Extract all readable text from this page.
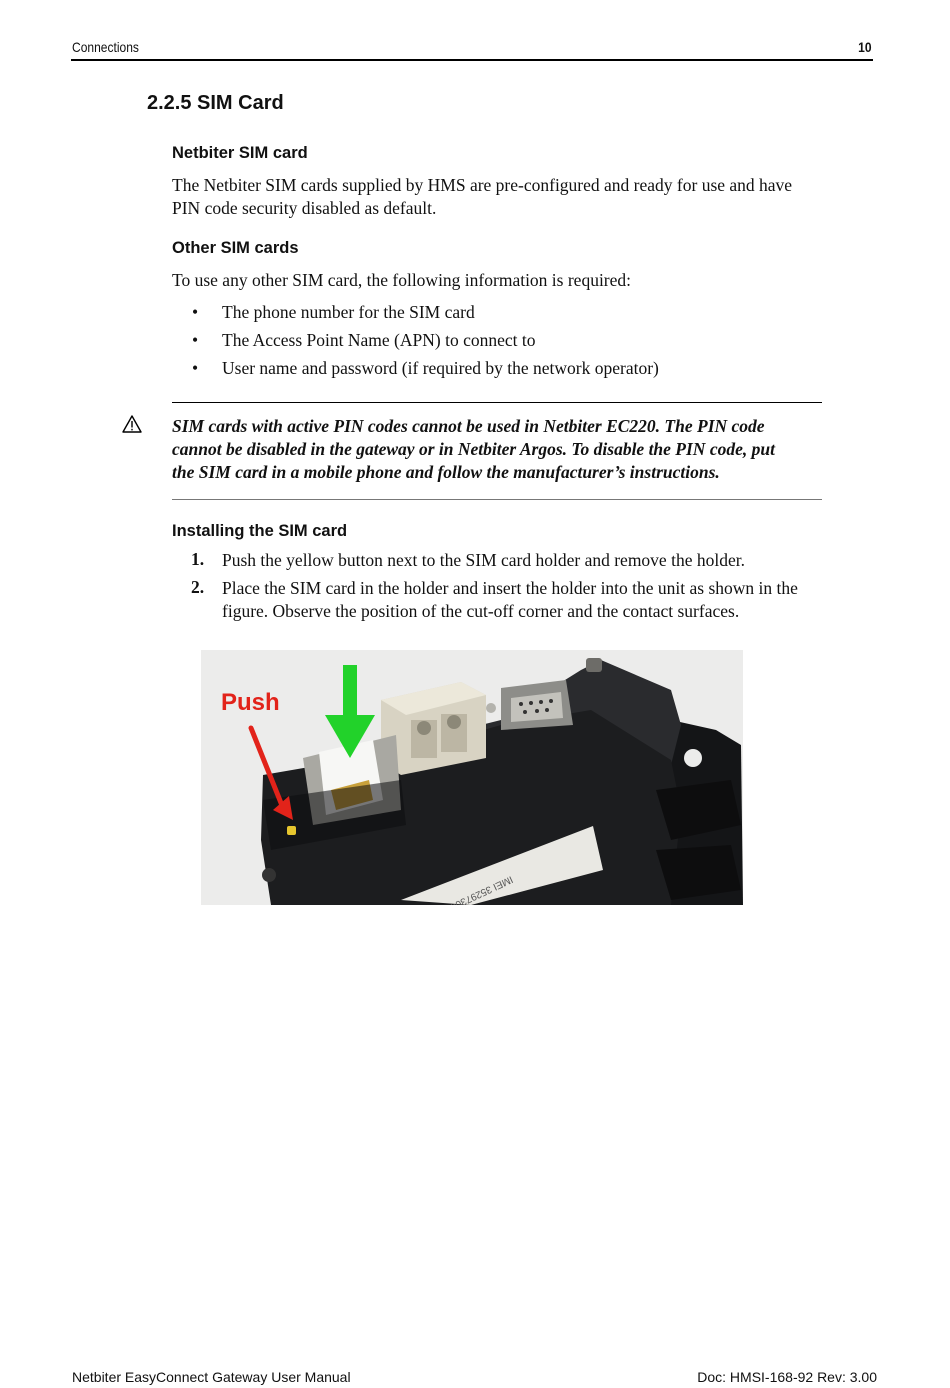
Connections	10
2.2.5 SIM Card
Netbiter SIM card
The Netbiter SIM cards supplied by HMS are pre-configured and ready for use and have
PIN code security disabled as default.
Other SIM cards
To use any other SIM card, the following information is required:
• The phone number for the SIM card
• The Access Point Name (APN) to connect to
• User name and password (if required by the network operator)
SIM cards with active PIN codes cannot be used in Netbiter EC220. The PIN code
cannot be disabled in the gateway or in Netbiter Argos. To disable the PIN code, put
the SIM card in a mobile phone and follow the manufacturer’s instructions.
Installing the SIM card
1. Push the yellow button next to the SIM card holder and remove the holder.
2. Place the SIM card in the holder and insert the holder into the unit as shown in the
figure. Observe the position of the cut-off corner and the contact surfaces.
Push
Netbiter EasyConnect Gateway User Manual	Doc: HMSI-168-92 Rev: 3.00
